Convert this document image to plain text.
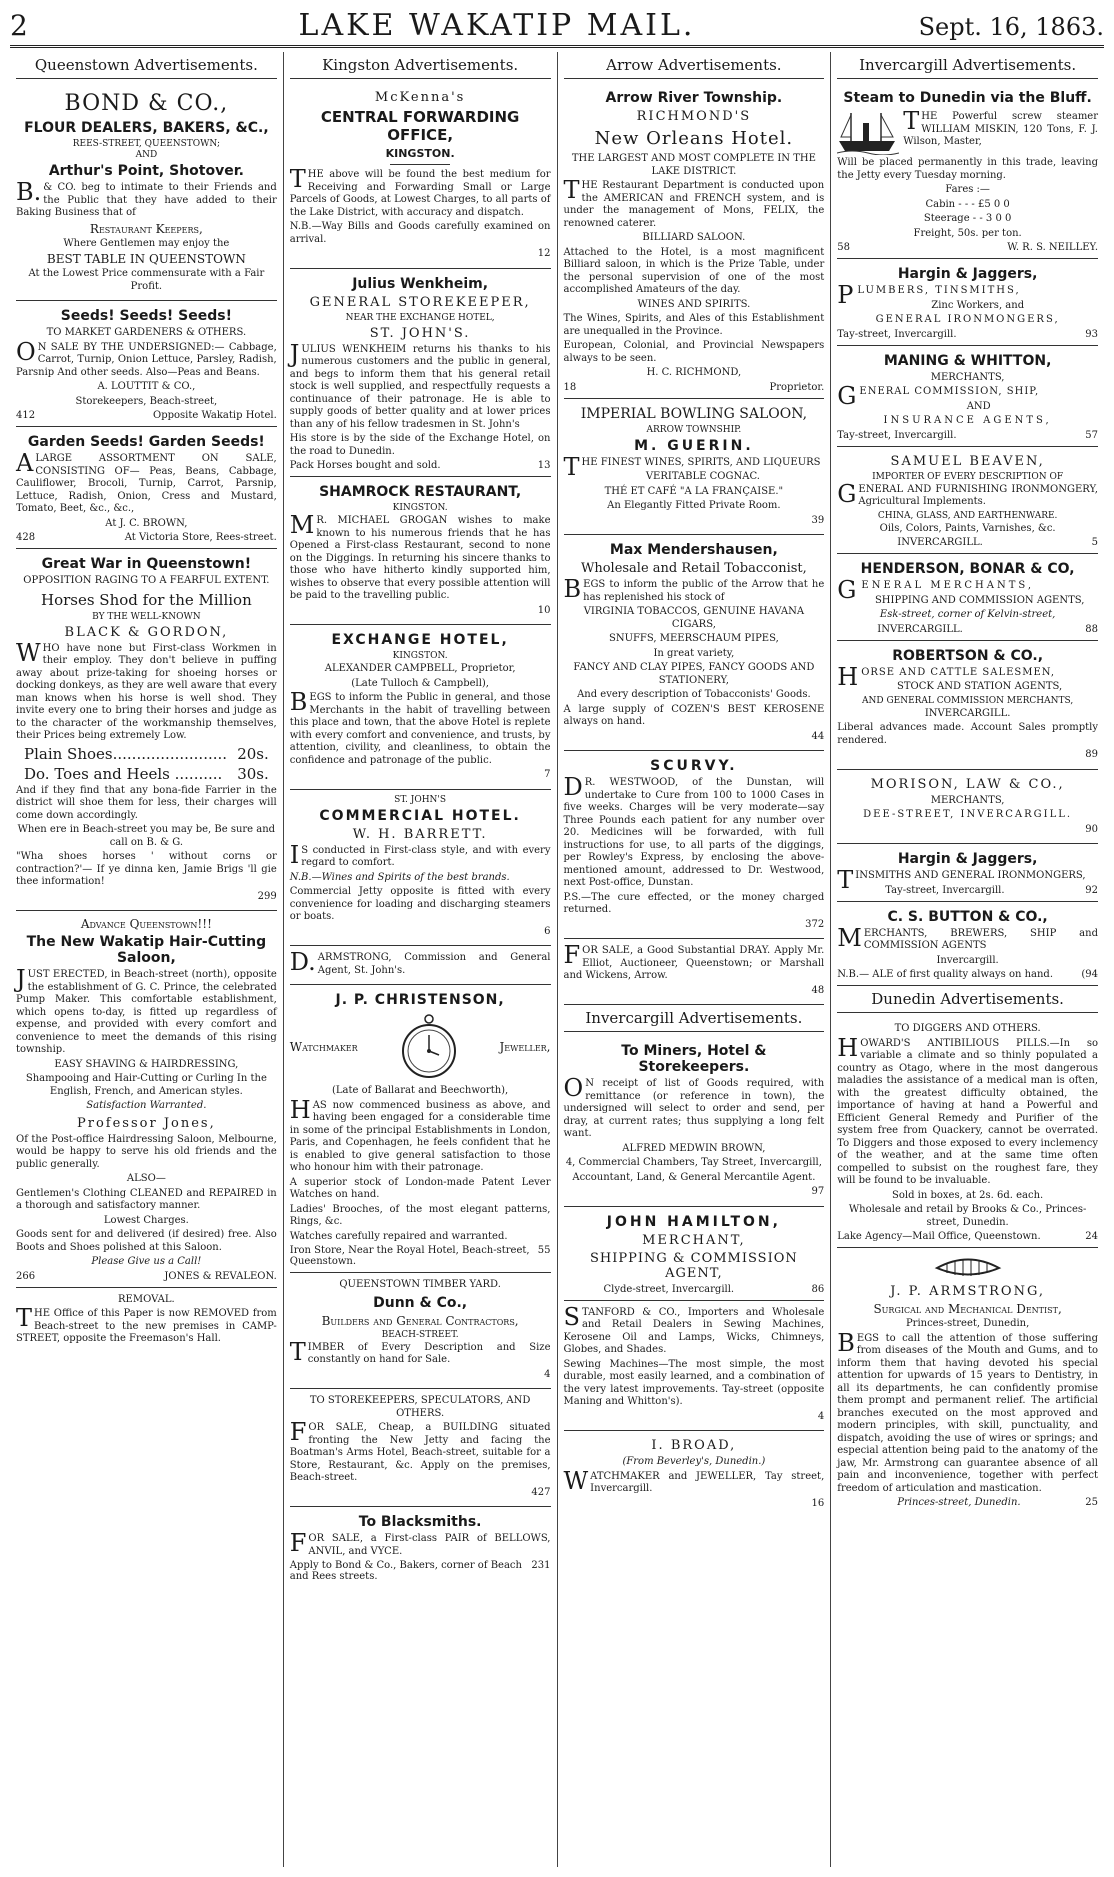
2	LAKE WAKATIP MAIL.	Sept. 16, 1863.
Queenstown Advertisements.
BOND & CO.,
FLOUR DEALERS, BAKERS, &C.,
REES-STREET, QUEENSTOWN;
AND
Arthur's Point, Shotover.

B.& CO. beg to intimate to their Friends and the Public that they have added to their Baking Business that of

Restaurant Keepers,

Where Gentlemen may enjoy the

BEST TABLE IN QUEENSTOWN

At the Lowest Price commensurate with a Fair Profit.

Seeds! Seeds! Seeds!

TO MARKET GARDENERS & OTHERS.

ON SALE BY THE UNDERSIGNED:— Cabbage, Carrot, Turnip, Onion Lettuce, Parsley, Radish, Parsnip And other seeds. Also—Peas and Beans.

A. LOUTTIT & CO.,

Storekeepers, Beach-street,

412	Opposite Wakatip Hotel.
Garden Seeds! Garden Seeds!

ALARGE ASSORTMENT ON SALE, CONSISTING OF— Peas, Beans, Cabbage, Cauliflower, Brocoli, Turnip, Carrot, Parsnip, Lettuce, Radish, Onion, Cress and Mustard, Tomato, Beet, &c., &c.,

At J. C. BROWN,

428	At Victoria Store, Rees-street.
Great War in Queenstown!

OPPOSITION RAGING TO A FEARFUL EXTENT.

Horses Shod for the Million
BY THE WELL-KNOWN
BLACK & GORDON,

WHO have none but First-class Workmen in their employ. They don't believe in puffing away about prize-taking for shoeing horses or docking donkeys, as they are well aware that every man knows when his horse is well shod. They invite every one to bring their horses and judge as to the character of the workmanship themselves, their Prices being extremely Low.

Plain Shoes........................ 20s.
Do. Toes and Heels .......... 30s.

And if they find that any bona-fide Farrier in the district will shoe them for less, their charges will come down accordingly.

When ere in Beach-street you may be, Be sure and call on B. & G.

"Wha shoes horses ' without corns or contraction?'— If ye dinna ken, Jamie Brigs 'll gie thee information!

299

Advance Queenstown!!!
The New Wakatip Hair-Cutting Saloon,

JUST ERECTED, in Beach-street (north), opposite the establishment of G. C. Prince, the celebrated Pump Maker. This comfortable establishment, which opens to-day, is fitted up regardless of expense, and provided with every comfort and convenience to meet the demands of this rising township.

EASY SHAVING & HAIRDRESSING,

Shampooing and Hair-Cutting or Curling In the English, French, and American styles.

Satisfaction Warranted.

Professor Jones,

Of the Post-office Hairdressing Saloon, Melbourne, would be happy to serve his old friends and the public generally.

ALSO—

Gentlemen's Clothing CLEANED and REPAIRED in a thorough and satisfactory manner.

Lowest Charges.

Goods sent for and delivered (if desired) free. Also Boots and Shoes polished at this Saloon.

Please Give us a Call!

266	JONES & REVALEON.

REMOVAL.

THE Office of this Paper is now REMOVED from Beach-street to the new premises in CAMP-STREET, opposite the Freemason's Hall.

Kingston Advertisements.
McKenna's
CENTRAL FORWARDING OFFICE,
KINGSTON.

THE above will be found the best medium for Receiving and Forwarding Small or Large Parcels of Goods, at Lowest Charges, to all parts of the Lake District, with accuracy and dispatch.

N.B.—Way Bills and Goods carefully examined on arrival.

12

Julius Wenkheim,
GENERAL STOREKEEPER,
NEAR THE EXCHANGE HOTEL,
ST. JOHN'S.

JULIUS WENKHEIM returns his thanks to his numerous customers and the public in general, and begs to inform them that his general retail stock is well supplied, and respectfully requests a continuance of their patronage. He is able to supply goods of better quality and at lower prices than any of his fellow tradesmen in St. John's

His store is by the side of the Exchange Hotel, on the road to Dunedin.

Pack Horses bought and sold.	13
SHAMROCK RESTAURANT,
KINGSTON.

MR. MICHAEL GROGAN wishes to make known to his numerous friends that he has Opened a First-class Restaurant, second to none on the Diggings. In returning his sincere thanks to those who have hitherto kindly supported him, wishes to observe that every possible attention will be paid to the travelling public.

10

EXCHANGE HOTEL,
KINGSTON.

ALEXANDER CAMPBELL, Proprietor,

(Late Tulloch & Campbell),

BEGS to inform the Public in general, and those Merchants in the habit of travelling between this place and town, that the above Hotel is replete with every comfort and convenience, and trusts, by attention, civility, and cleanliness, to obtain the confidence and patronage of the public.

7

ST. JOHN'S
COMMERCIAL HOTEL.
W. H. BARRETT.

IS conducted in First-class style, and with every regard to comfort.

N.B.—Wines and Spirits of the best brands.

Commercial Jetty opposite is fitted with every convenience for loading and discharging steamers or boats.

6

D.ARMSTRONG, Commission and General Agent, St. John's.

J. P. CHRISTENSON,
Watchmaker	Jeweller,

(Late of Ballarat and Beechworth),

HAS now commenced business as above, and having been engaged for a considerable time in some of the principal Establishments in London, Paris, and Copenhagen, he feels confident that he is enabled to give general satisfaction to those who honour him with their patronage.

A superior stock of London-made Patent Lever Watches on hand.

Ladies' Brooches, of the most elegant patterns, Rings, &c.

Watches carefully repaired and warranted.

Iron Store, Near the Royal Hotel, Beach-street, Queenstown.
55

QUEENSTOWN TIMBER YARD.

Dunn & Co.,
Builders and General Contractors,
BEACH-STREET.

TIMBER of Every Description and Size constantly on hand for Sale.

4

TO STOREKEEPERS, SPECULATORS, AND OTHERS.

FOR SALE, Cheap, a BUILDING situated fronting the New Jetty and facing the Boatman's Arms Hotel, Beach-street, suitable for a Store, Restaurant, &c. Apply on the premises, Beach-street.

427

To Blacksmiths.

FOR SALE, a First-class PAIR of BELLOWS, ANVIL, and VYCE.

Apply to Bond & Co., Bakers, corner of Beach and Rees streets.
231
Arrow Advertisements.
Arrow River Township.
RICHMOND'S
New Orleans Hotel.

THE LARGEST AND MOST COMPLETE IN THE LAKE DISTRICT.

THE Restaurant Department is conducted upon the AMERICAN and FRENCH system, and is under the management of Mons, FELIX, the renowned caterer.

BILLIARD SALOON.

Attached to the Hotel, is a most magnificent Billiard saloon, in which is the Prize Table, under the personal supervision of one of the most accomplished Amateurs of the day.

WINES AND SPIRITS.

The Wines, Spirits, and Ales of this Establishment are unequalled in the Province.

European, Colonial, and Provincial Newspapers always to be seen.

H. C. RICHMOND,

18	Proprietor.
IMPERIAL BOWLING SALOON,
ARROW TOWNSHIP.
M. GUERIN.

THE FINEST WINES, SPIRITS, AND LIQUEURS

VERITABLE COGNAC.

THÉ ET CAFÉ "A LA FRANÇAISE."

An Elegantly Fitted Private Room.

39

Max Mendershausen,
Wholesale and Retail Tobacconist,

BEGS to inform the public of the Arrow that he has replenished his stock of

VIRGINIA TOBACCOS, GENUINE HAVANA CIGARS,

SNUFFS, MEERSCHAUM PIPES,

In great variety,

FANCY AND CLAY PIPES, FANCY GOODS AND STATIONERY,

And every description of Tobacconists' Goods.

A large supply of COZEN'S BEST KEROSENE always on hand.

44

SCURVY.

DR. WESTWOOD, of the Dunstan, will undertake to Cure from 100 to 1000 Cases in five weeks. Charges will be very moderate—say Three Pounds each patient for any number over 20. Medicines will be forwarded, with full instructions for use, to all parts of the diggings, per Rowley's Express, by enclosing the above-mentioned amount, addressed to Dr. Westwood, next Post-office, Dunstan.

P.S.—The cure effected, or the money charged returned.

372

FOR SALE, a Good Substantial DRAY. Apply Mr. Elliot, Auctioneer, Queenstown; or Marshall and Wickens, Arrow.

48

Invercargill Advertisements.
To Miners, Hotel & Storekeepers.

ON receipt of list of Goods required, with remittance (or reference in town), the undersigned will select to order and send, per dray, at current rates; thus supplying a long felt want.

ALFRED MEDWIN BROWN,

4, Commercial Chambers, Tay Street, Invercargill,

Accountant, Land, & General Mercantile Agent.

97

JOHN HAMILTON,
MERCHANT,
SHIPPING & COMMISSION AGENT,
Clyde-street, Invercargill.	86

STANFORD & CO., Importers and Wholesale and Retail Dealers in Sewing Machines, Kerosene Oil and Lamps, Wicks, Chimneys, Globes, and Shades.

Sewing Machines—The most simple, the most durable, most easily learned, and a combination of the very latest improvements. Tay-street (opposite Maning and Whitton's).

4

I. BROAD,

(From Beverley's, Dunedin.)

WATCHMAKER and JEWELLER, Tay street, Invercargill.

16

Invercargill Advertisements.
Steam to Dunedin via the Bluff.

THE Powerful screw steamer WILLIAM MISKIN, 120 Tons, F. J. Wilson, Master,

Will be placed permanently in this trade, leaving the Jetty every Tuesday morning.

Fares :—

Cabin - - - £5 0 0

Steerage - - 3 0 0

Freight, 50s. per ton.

58	W. R. S. NEILLEY.
Hargin & Jaggers,

PLUMBERS, TINSMITHS,

Zinc Workers, and

GENERAL IRONMONGERS,

Tay-street, Invercargill.	93
MANING & WHITTON,

MERCHANTS,

GENERAL COMMISSION, SHIP,

AND

INSURANCE AGENTS,

Tay-street, Invercargill.	57
SAMUEL BEAVEN,
IMPORTER OF EVERY DESCRIPTION OF

GENERAL AND FURNISHING IRONMONGERY, Agricultural Implements.

CHINA, GLASS, AND EARTHENWARE.

Oils, Colors, Paints, Varnishes, &c.

INVERCARGILL.	5
HENDERSON, BONAR & CO,

GENERAL MERCHANTS,

SHIPPING AND COMMISSION AGENTS,

Esk-street, corner of Kelvin-street,

INVERCARGILL.	88
ROBERTSON & CO.,

HORSE AND CATTLE SALESMEN,

STOCK AND STATION AGENTS,

AND GENERAL COMMISSION MERCHANTS,

INVERCARGILL.

Liberal advances made. Account Sales promptly rendered.

89

MORISON, LAW & CO.,

MERCHANTS,

DEE-STREET, INVERCARGILL.

90

Hargin & Jaggers,

TINSMITHS AND GENERAL IRONMONGERS,

Tay-street, Invercargill.	92
C. S. BUTTON & CO.,

MERCHANTS, BREWERS, SHIP and COMMISSION AGENTS

Invercargill.

N.B.— ALE of first quality always on hand.	(94
Dunedin Advertisements.

TO DIGGERS AND OTHERS.

HOWARD'S ANTIBILIOUS PILLS.—In so variable a climate and so thinly populated a country as Otago, where in the most dangerous maladies the assistance of a medical man is often, with the greatest difficulty obtained, the importance of having at hand a Powerful and Efficient General Remedy and Purifier of the system free from Quackery, cannot be overrated. To Diggers and those exposed to every inclemency of the weather, and at the same time often compelled to subsist on the roughest fare, they will be found to be invaluable.

Sold in boxes, at 2s. 6d. each.

Wholesale and retail by Brooks & Co., Princes-street, Dunedin.

Lake Agency—Mail Office, Queenstown.	24
J. P. ARMSTRONG,
Surgical and Mechanical Dentist,

Princes-street, Dunedin,

BEGS to call the attention of those suffering from diseases of the Mouth and Gums, and to inform them that having devoted his special attention for upwards of 15 years to Dentistry, in all its departments, he can confidently promise them prompt and permanent relief. The artificial branches executed on the most approved and modern principles, with skill, punctuality, and dispatch, avoiding the use of wires or springs; and especial attention being paid to the anatomy of the jaw, Mr. Armstrong can guarantee absence of all pain and inconvenience, together with perfect freedom of articulation and mastication.

Princes-street, Dunedin.	25
